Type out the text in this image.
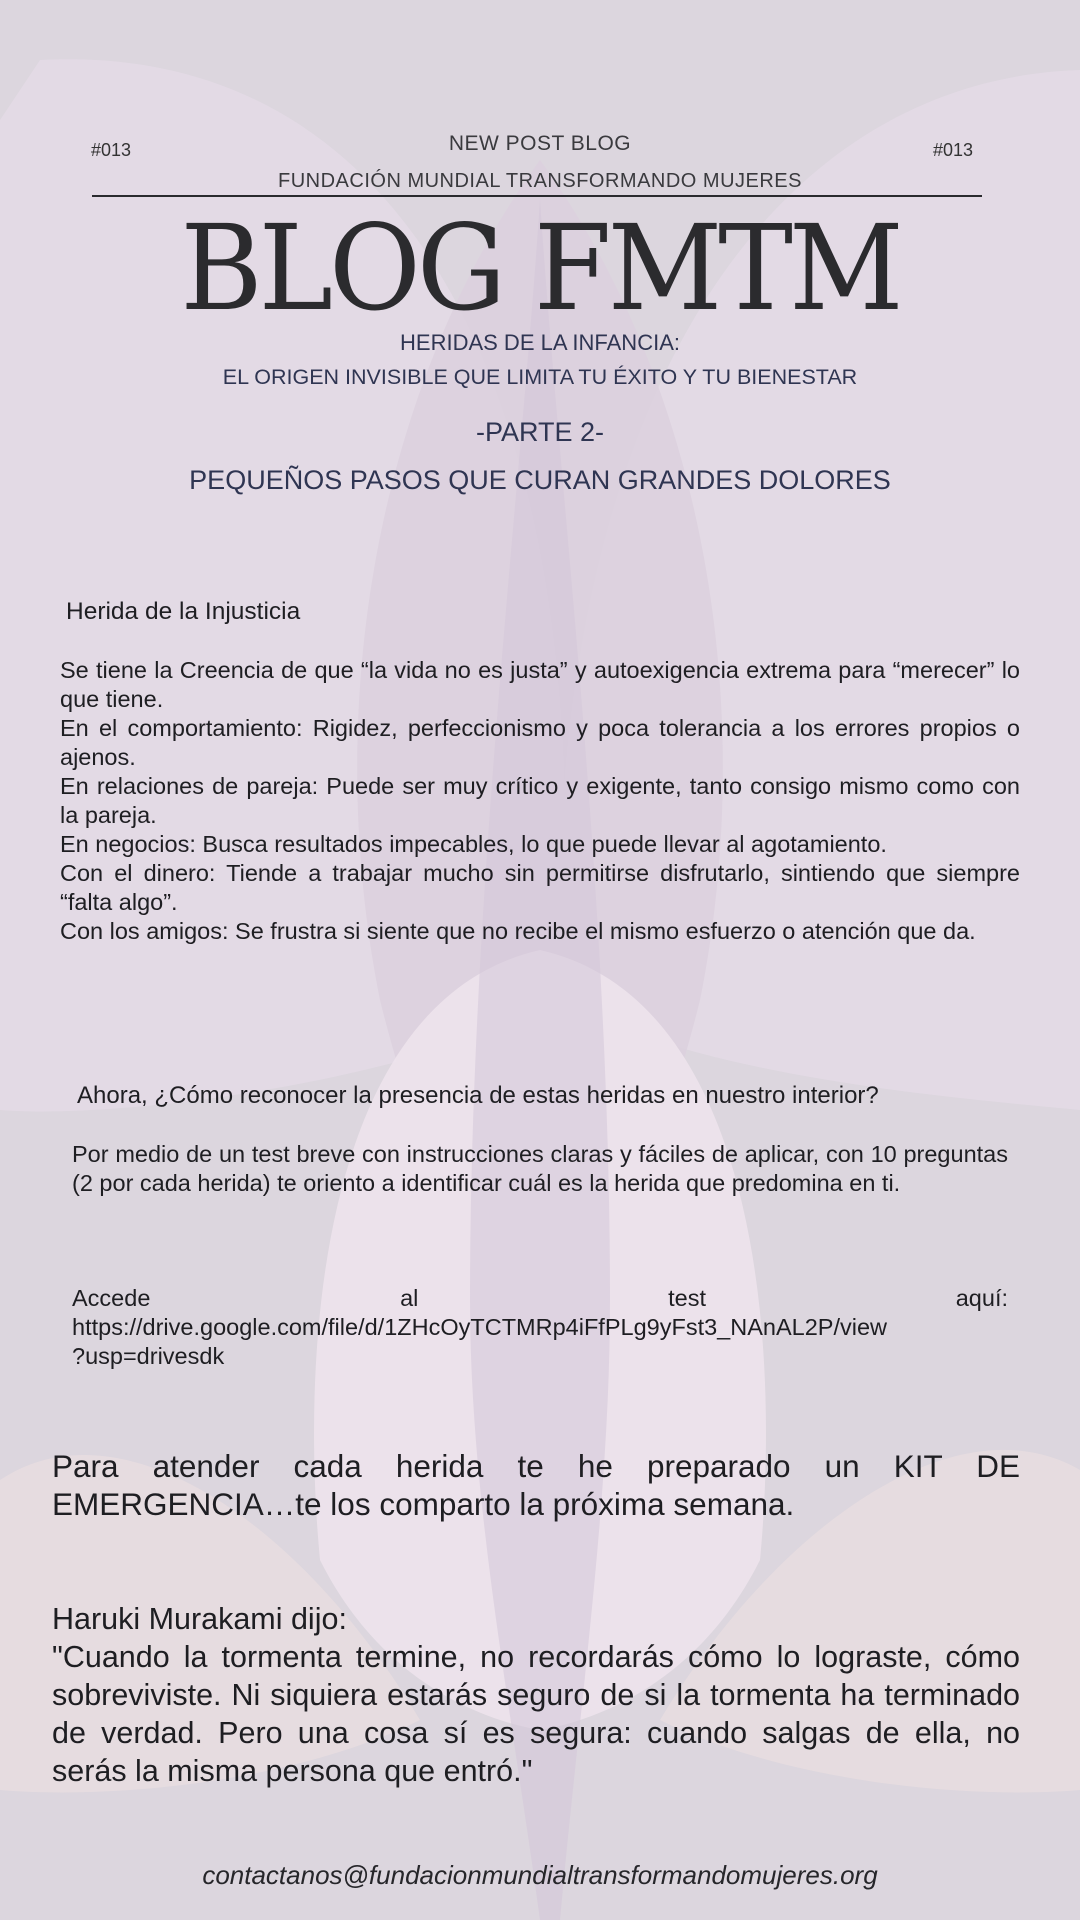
#013	#013
NEW POST BLOG
FUNDACIÓN MUNDIAL TRANSFORMANDO MUJERES
BLOG FMTM
HERIDAS DE LA INFANCIA:
EL ORIGEN INVISIBLE QUE LIMITA TU ÉXITO Y TU BIENESTAR
-PARTE 2-
PEQUEÑOS PASOS QUE CURAN GRANDES DOLORES
Herida de la Injusticia

Se tiene la Creencia de que “la vida no es justa” y autoexigencia extrema para “merecer” lo que tiene.

En el comportamiento: Rigidez, perfeccionismo y poca tolerancia a los errores propios o ajenos.

En relaciones de pareja: Puede ser muy crítico y exigente, tanto consigo mismo como con la pareja.

En negocios: Busca resultados impecables, lo que puede llevar al agotamiento.

Con el dinero: Tiende a trabajar mucho sin permitirse disfrutarlo, sintiendo que siempre “falta algo”.

Con los amigos: Se frustra si siente que no recibe el mismo esfuerzo o atención que da.

Ahora, ¿Cómo reconocer la presencia de estas heridas en nuestro interior?
Por medio de un test breve con instrucciones claras y fáciles de aplicar, con 10 preguntas (2 por cada herida) te oriento a identificar cuál es la herida que predomina en ti.

Accede al test aquí:

https://drive.google.com/file/d/1ZHcOyTCTMRp4iFfPLg9yFst3_NAnAL2P/view

?usp=drivesdk

Para atender cada herida te he preparado un KIT DE EMERGENCIA…te los comparto la próxima semana.

Haruki Murakami dijo:

"Cuando la tormenta termine, no recordarás cómo lo lograste, cómo sobreviviste. Ni siquiera estarás seguro de si la tormenta ha terminado de verdad. Pero una cosa sí es segura: cuando salgas de ella, no serás la misma persona que entró."

contactanos@fundacionmundialtransformandomujeres.org
